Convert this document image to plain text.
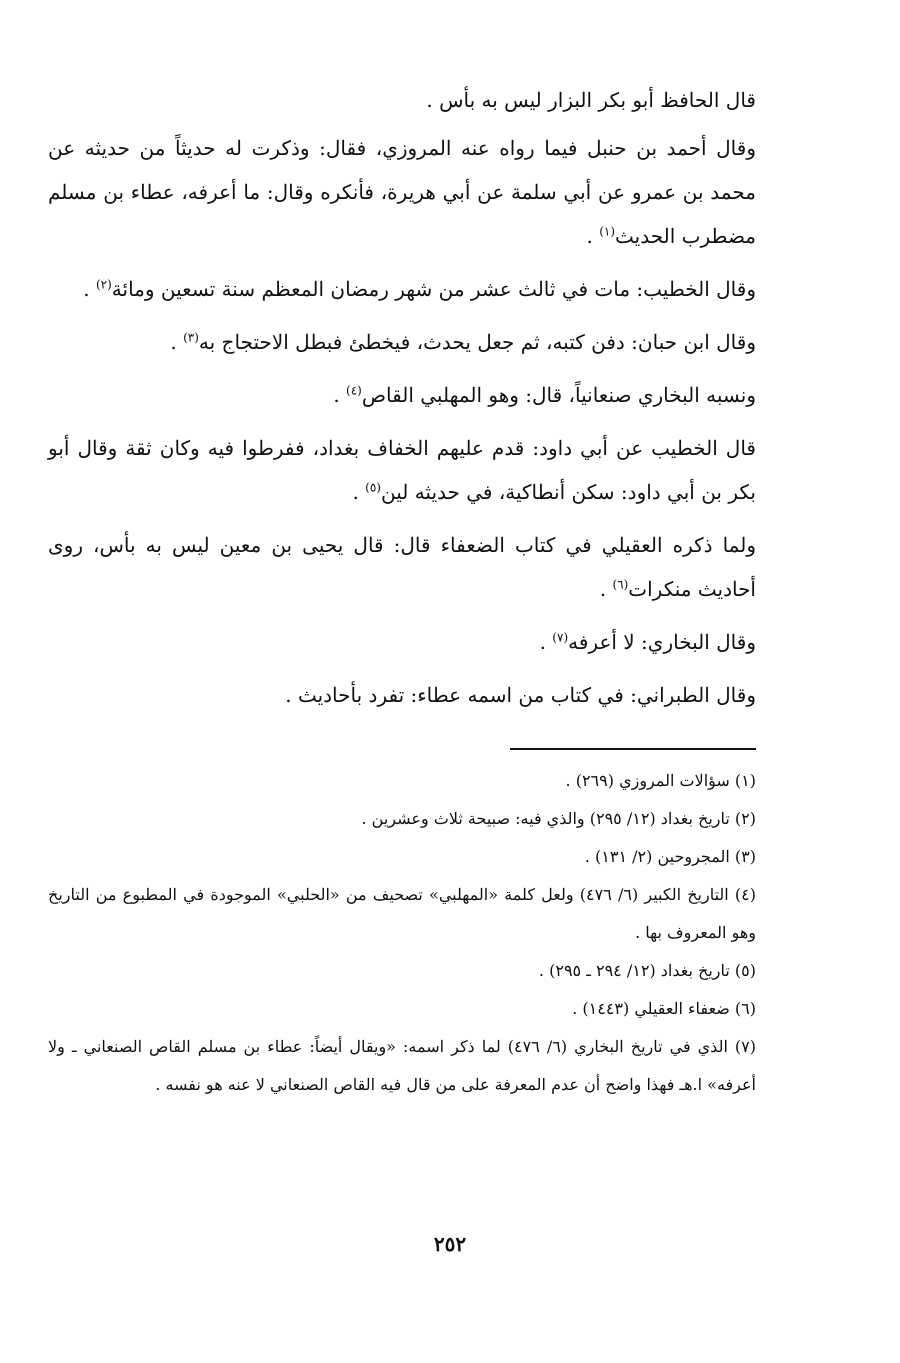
قال الحافظ أبو بكر البزار ليس به بأس .

وقال أحمد بن حنبل فيما رواه عنه المروزي، فقال: وذكرت له حديثاً من حديثه عن محمد بن عمرو عن أبي سلمة عن أبي هريرة، فأنكره وقال: ما أعرفه، عطاء بن مسلم مضطرب الحديث$^{(١)}$ .

وقال الخطيب: مات في ثالث عشر من شهر رمضان المعظم سنة تسعين ومائة$^{(٢)}$ .

وقال ابن حبان: دفن كتبه، ثم جعل يحدث، فيخطئ فبطل الاحتجاج به$^{(٣)}$ .

ونسبه البخاري صنعانياً، قال: وهو المهلبي القاص$^{(٤)}$ .

قال الخطيب عن أبي داود: قدم عليهم الخفاف بغداد، ففرطوا فيه وكان ثقة وقال أبو بكر بن أبي داود: سكن أنطاكية، في حديثه لين$^{(٥)}$ .

ولما ذكره العقيلي في كتاب الضعفاء قال: قال يحيى بن معين ليس به بأس، روى أحاديث منكرات$^{(٦)}$ .

وقال البخاري: لا أعرفه$^{(٧)}$ .

وقال الطبراني: في كتاب من اسمه عطاء: تفرد بأحاديث .

(١) سؤالات المروزي (٢٦٩) .

(٢) تاريخ بغداد (١٢/ ٢٩٥) والذي فيه: صبيحة ثلاث وعشرين .

(٣) المجروحين (٢/ ١٣١) .

(٤) التاريخ الكبير (٦/ ٤٧٦) ولعل كلمة «المهلبي» تصحيف من «الحلبي» الموجودة في المطبوع من التاريخ وهو المعروف بها .

(٥) تاريخ بغداد (١٢/ ٢٩٤ ـ ٢٩٥) .

(٦) ضعفاء العقيلي (١٤٤٣) .

(٧) الذي في تاريخ البخاري (٦/ ٤٧٦) لما ذكر اسمه: «ويقال أيضاً: عطاء بن مسلم القاص الصنعاني ـ ولا أعرفه» ا.هـ فهذا واضح أن عدم المعرفة على من قال فيه القاص الصنعاني لا عنه هو نفسه .

٢٥٢
